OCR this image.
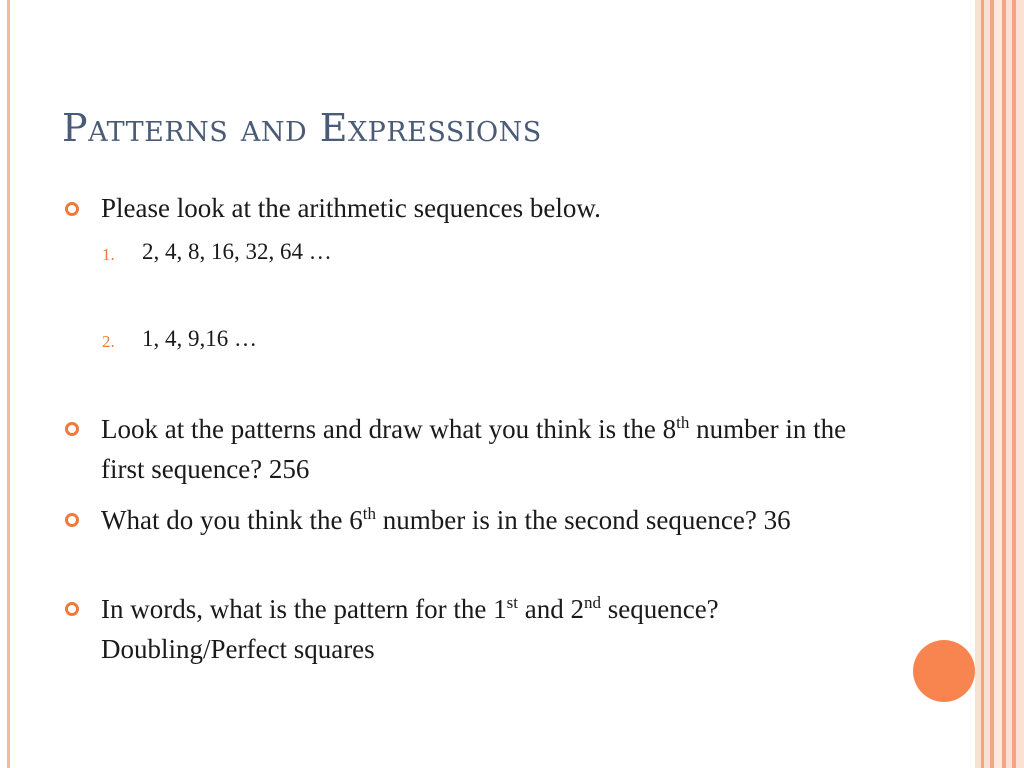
Patterns and Expressions

Please look at the arithmetic sequences below.

1. 2, 4, 8, 16, 32, 64 …
2. 1, 4, 9,16 …

Look at the patterns and draw what you think is the 8th number in the first sequence? 256

What do you think the 6th number is in the second sequence? 36

In words, what is the pattern for the 1st and 2nd sequence? Doubling/Perfect squares
